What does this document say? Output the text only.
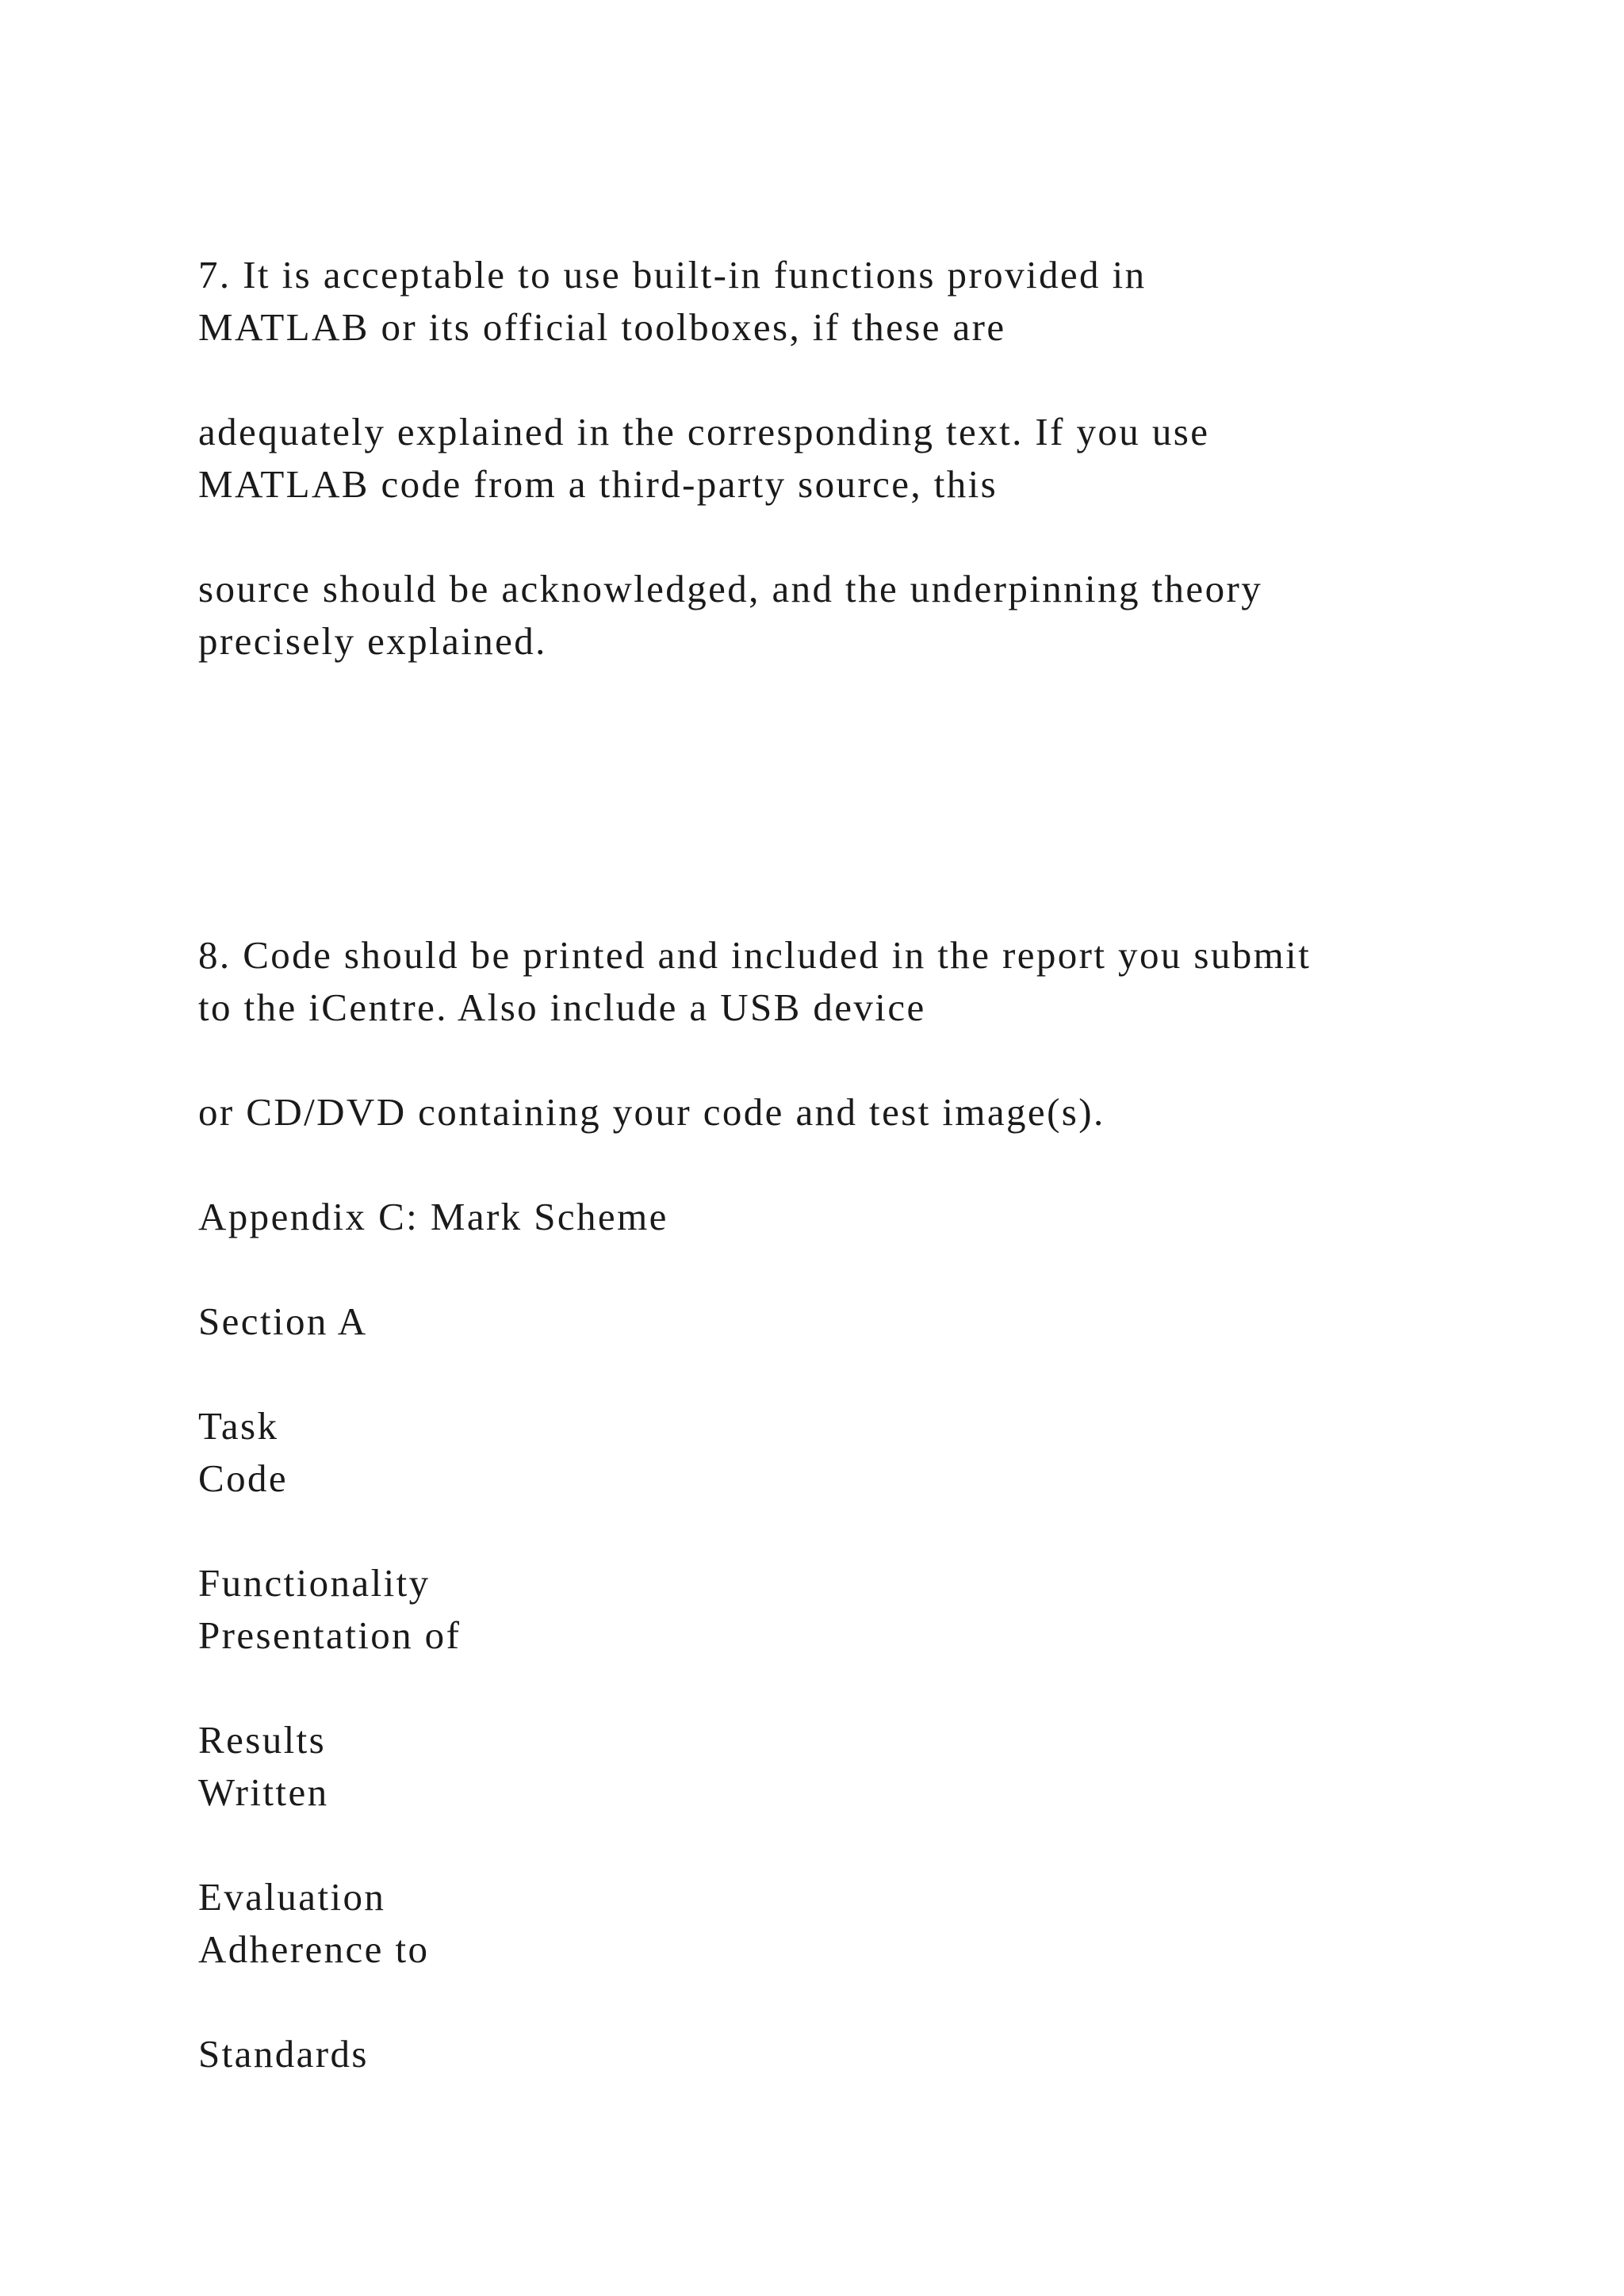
7. It is acceptable to use built-in functions provided in
MATLAB or its official toolboxes, if these are
adequately explained in the corresponding text. If you use
MATLAB code from a third-party source, this
source should be acknowledged, and the underpinning theory
precisely explained.
8. Code should be printed and included in the report you submit
to the iCentre. Also include a USB device
or CD/DVD containing your code and test image(s).
Appendix C: Mark Scheme
Section A
Task
Code
Functionality
Presentation of
Results
Written
Evaluation
Adherence to
Standards
